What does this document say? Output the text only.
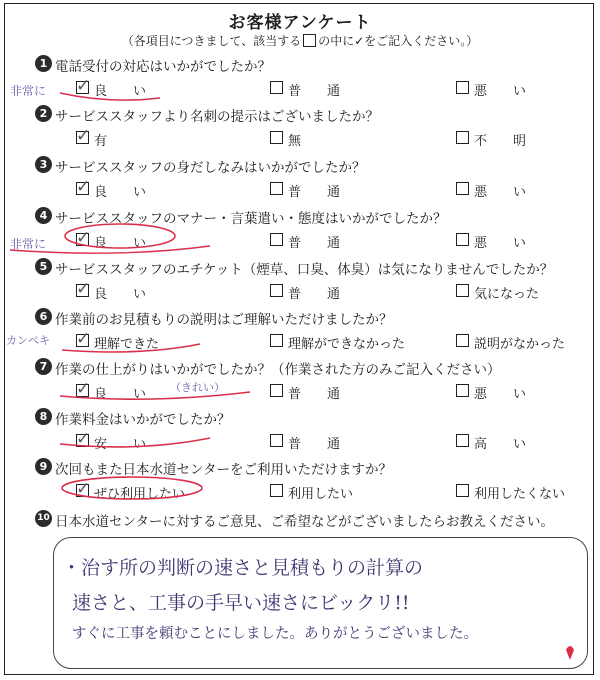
お客様アンケート
（各項目につきまして、該当する の中に✓をご記入ください。）
1 電話受付の対応はいかがでしたか？
✓
良　　い	普　　通	悪　　い
2 サービススタッフより名刺の提示はございましたか？
✓
有	無	不　　明
3 サービススタッフの身だしなみはいかがでしたか？
✓
良　　い	普　　通	悪　　い
4 サービススタッフのマナー・言葉遣い・態度はいかがでしたか？
✓
良　　い	普　　通	悪　　い
5 サービススタッフのエチケット（煙草、口臭、体臭）は気になりませんでしたか？
✓
良　　い	普　　通	気になった
6 作業前のお見積もりの説明はご理解いただけましたか？
✓
理解できた	理解ができなかった	説明がなかった
7 作業の仕上がりはいかがでしたか？（作業された方のみご記入ください）
✓
良　　い	普　　通	悪　　い
8 作業料金はいかがでしたか？
✓
安　　い	普　　通	高　　い
9 次回もまた日本水道センターをご利用いただけますか？
✓
ぜひ利用したい	利用したい	利用したくない
非常に
非常に
カンペキ
（きれい）
10 日本水道センターに対するご意見、ご希望などがございましたらお教えください。
・治す所の判断の速さと見積もりの計算の
速さと、工事の手早い速さにビックリ!!
すぐに工事を頼むことにしました。ありがとうございました。
